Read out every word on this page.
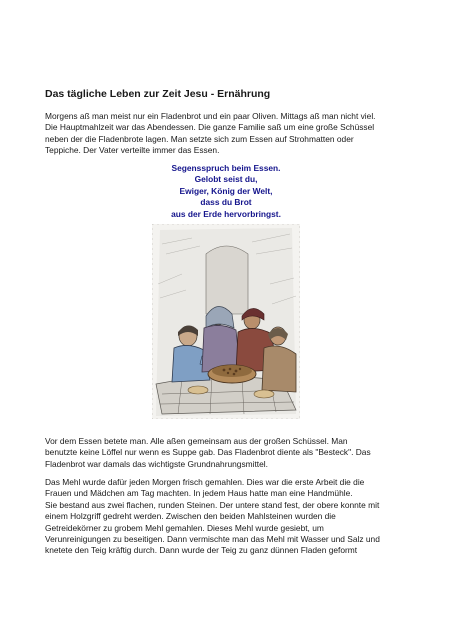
Das tägliche Leben zur Zeit Jesu - Ernährung

Morgens aß man meist nur ein Fladenbrot und ein paar Oliven. Mittags aß man nicht viel.
Die Hauptmahlzeit war das Abendessen. Die ganze Familie saß um eine große Schüssel
neben der die Fladenbrote lagen. Man setzte sich zum Essen auf Strohmatten oder
Teppiche. Der Vater verteilte immer das Essen.

Segensspruch beim Essen.
Gelobt seist du,
Ewiger, König der Welt,
dass du Brot
aus der Erde hervorbringst.

Vor dem Essen betete man. Alle aßen gemeinsam aus der großen Schüssel. Man
benutzte keine Löffel nur wenn es Suppe gab. Das Fladenbrot diente als "Besteck". Das
Fladenbrot war damals das wichtigste Grundnahrungsmittel.

Das Mehl wurde dafür jeden Morgen frisch gemahlen. Dies war die erste Arbeit die die
Frauen und Mädchen am Tag machten. In jedem Haus hatte man eine Handmühle.
Sie bestand aus zwei flachen, runden Steinen. Der untere stand fest, der obere konnte mit
einem Holzgriff gedreht werden. Zwischen den beiden Mahlsteinen wurden die
Getreidekörner zu grobem Mehl gemahlen. Dieses Mehl wurde gesiebt, um
Verunreinigungen zu beseitigen. Dann vermischte man das Mehl mit Wasser und Salz und
knetete den Teig kräftig durch. Dann wurde der Teig zu ganz dünnen Fladen geformt
